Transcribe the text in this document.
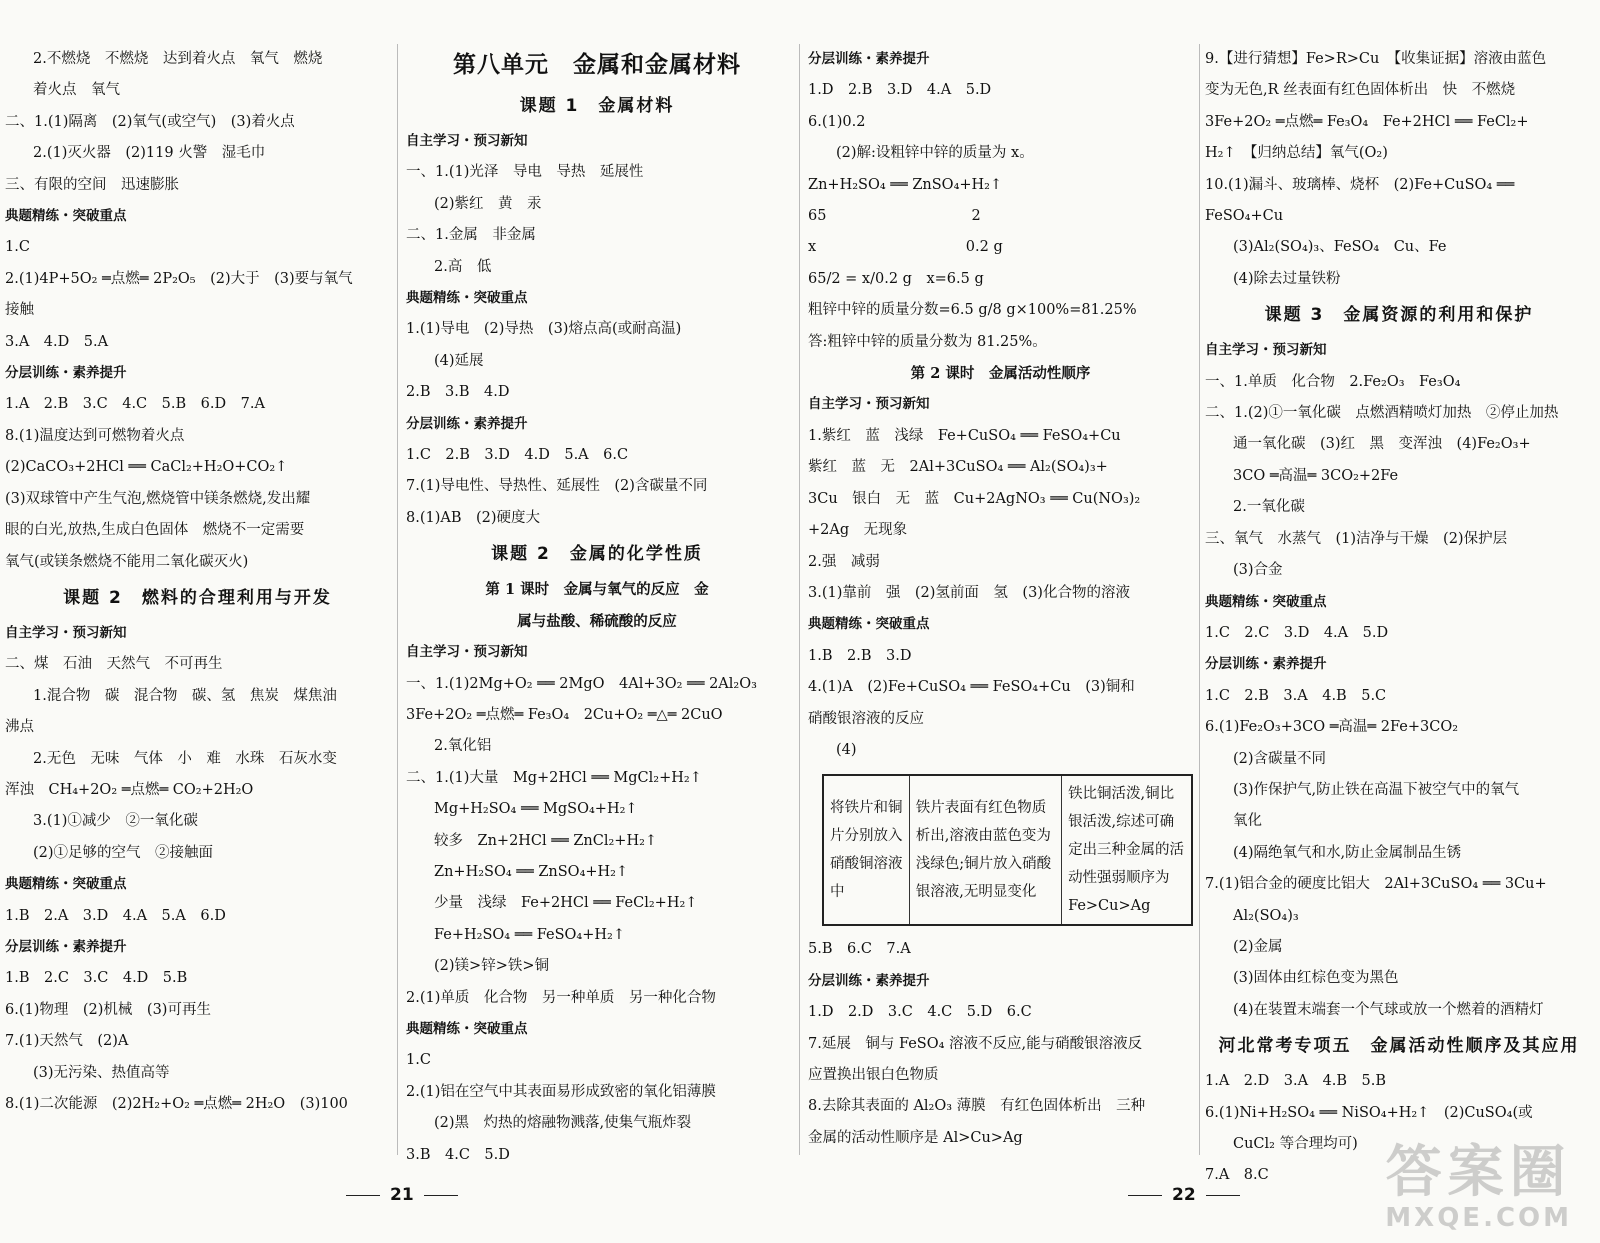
2.不燃烧　不燃烧　达到着火点　氧气　燃烧
着火点　氧气
二、1.(1)隔离　(2)氧气(或空气)　(3)着火点
2.(1)灭火器　(2)119 火警　湿毛巾
三、有限的空间　迅速膨胀
典题精练・突破重点
1.C
2.(1)4P+5O₂ ═点燃═ 2P₂O₅　(2)大于　(3)要与氧气
接触
3.A　4.D　5.A
分层训练・素养提升
1.A　2.B　3.C　4.C　5.B　6.D　7.A
8.(1)温度达到可燃物着火点
(2)CaCO₃+2HCl ══ CaCl₂+H₂O+CO₂↑
(3)双球管中产生气泡,燃烧管中镁条燃烧,发出耀
眼的白光,放热,生成白色固体　燃烧不一定需要
氧气(或镁条燃烧不能用二氧化碳灭火)
课题 2　燃料的合理利用与开发
自主学习・预习新知
二、煤　石油　天然气　不可再生
1.混合物　碳　混合物　碳、氢　焦炭　煤焦油
沸点
2.无色　无味　气体　小　难　水珠　石灰水变
浑浊　CH₄+2O₂ ═点燃═ CO₂+2H₂O
3.(1)①减少　②一氧化碳
(2)①足够的空气　②接触面
典题精练・突破重点
1.B　2.A　3.D　4.A　5.A　6.D
分层训练・素养提升
1.B　2.C　3.C　4.D　5.B
6.(1)物理　(2)机械　(3)可再生
7.(1)天然气　(2)A
(3)无污染、热值高等
8.(1)二次能源　(2)2H₂+O₂ ═点燃═ 2H₂O　(3)100
第八单元　金属和金属材料
课题 1　金属材料
自主学习・预习新知
一、1.(1)光泽　导电　导热　延展性
(2)紫红　黄　汞
二、1.金属　非金属
2.高　低
典题精练・突破重点
1.(1)导电　(2)导热　(3)熔点高(或耐高温)
(4)延展
2.B　3.B　4.D
分层训练・素养提升
1.C　2.B　3.D　4.D　5.A　6.C
7.(1)导电性、导热性、延展性　(2)含碳量不同
8.(1)AB　(2)硬度大
课题 2　金属的化学性质
第 1 课时　金属与氧气的反应　金
属与盐酸、稀硫酸的反应
自主学习・预习新知
一、1.(1)2Mg+O₂ ══ 2MgO　4Al+3O₂ ══ 2Al₂O₃
3Fe+2O₂ ═点燃═ Fe₃O₄　2Cu+O₂ ═△═ 2CuO
2.氧化铝
二、1.(1)大量　Mg+2HCl ══ MgCl₂+H₂↑
Mg+H₂SO₄ ══ MgSO₄+H₂↑
较多　Zn+2HCl ══ ZnCl₂+H₂↑
Zn+H₂SO₄ ══ ZnSO₄+H₂↑
少量　浅绿　Fe+2HCl ══ FeCl₂+H₂↑
Fe+H₂SO₄ ══ FeSO₄+H₂↑
(2)镁>锌>铁>铜
2.(1)单质　化合物　另一种单质　另一种化合物
典题精练・突破重点
1.C
2.(1)铝在空气中其表面易形成致密的氧化铝薄膜
(2)黑　灼热的熔融物溅落,使集气瓶炸裂
3.B　4.C　5.D
分层训练・素养提升
1.D　2.B　3.D　4.A　5.D
6.(1)0.2
(2)解:设粗锌中锌的质量为 x。
Zn+H₂SO₄ ══ ZnSO₄+H₂↑
65　　　　　　　　　　2
x　　　　　　　　　　 0.2 g
65/2 = x/0.2 g　x=6.5 g
粗锌中锌的质量分数=6.5 g/8 g×100%=81.25%
答:粗锌中锌的质量分数为 81.25%。
第 2 课时　金属活动性顺序
自主学习・预习新知
1.紫红　蓝　浅绿　Fe+CuSO₄ ══ FeSO₄+Cu
紫红　蓝　无　2Al+3CuSO₄ ══ Al₂(SO₄)₃+
3Cu　银白　无　蓝　Cu+2AgNO₃ ══ Cu(NO₃)₂
+2Ag　无现象
2.强　减弱
3.(1)靠前　强　(2)氢前面　氢　(3)化合物的溶液
典题精练・突破重点
1.B　2.B　3.D
4.(1)A　(2)Fe+CuSO₄ ══ FeSO₄+Cu　(3)铜和
硝酸银溶液的反应
(4)
将铁片和铜片分别放入硝酸铜溶液中	铁片表面有红色物质析出,溶液由蓝色变为浅绿色;铜片放入硝酸银溶液,无明显变化	铁比铜活泼,铜比银活泼,综述可确定出三种金属的活动性强弱顺序为 Fe>Cu>Ag
5.B　6.C　7.A
分层训练・素养提升
1.D　2.D　3.C　4.C　5.D　6.C
7.延展　铜与 FeSO₄ 溶液不反应,能与硝酸银溶液反
应置换出银白色物质
8.去除其表面的 Al₂O₃ 薄膜　有红色固体析出　三种
金属的活动性顺序是 Al>Cu>Ag
9.【进行猜想】Fe>R>Cu　【收集证据】溶液由蓝色
变为无色,R 丝表面有红色固体析出　快　不燃烧
3Fe+2O₂ ═点燃═ Fe₃O₄　Fe+2HCl ══ FeCl₂+
H₂↑　【归纳总结】氧气(O₂)
10.(1)漏斗、玻璃棒、烧杯　(2)Fe+CuSO₄ ══
FeSO₄+Cu
(3)Al₂(SO₄)₃、FeSO₄　Cu、Fe
(4)除去过量铁粉
课题 3　金属资源的利用和保护
自主学习・预习新知
一、1.单质　化合物　2.Fe₂O₃　Fe₃O₄
二、1.(2)①一氧化碳　点燃酒精喷灯加热　②停止加热
通一氧化碳　(3)红　黑　变浑浊　(4)Fe₂O₃+
3CO ═高温═ 3CO₂+2Fe
2.一氧化碳
三、氧气　水蒸气　(1)洁净与干燥　(2)保护层
(3)合金
典题精练・突破重点
1.C　2.C　3.D　4.A　5.D
分层训练・素养提升
1.C　2.B　3.A　4.B　5.C
6.(1)Fe₂O₃+3CO ═高温═ 2Fe+3CO₂
(2)含碳量不同
(3)作保护气,防止铁在高温下被空气中的氧气
氧化
(4)隔绝氧气和水,防止金属制品生锈
7.(1)铝合金的硬度比铝大　2Al+3CuSO₄ ══ 3Cu+
Al₂(SO₄)₃
(2)金属
(3)固体由红棕色变为黑色
(4)在装置末端套一个气球或放一个燃着的酒精灯
河北常考专项五　金属活动性顺序及其应用
1.A　2.D　3.A　4.B　5.B
6.(1)Ni+H₂SO₄ ══ NiSO₄+H₂↑　(2)CuSO₄(或
CuCl₂ 等合理均可)
7.A　8.C
21	22	答案圈
MXQE.COM
